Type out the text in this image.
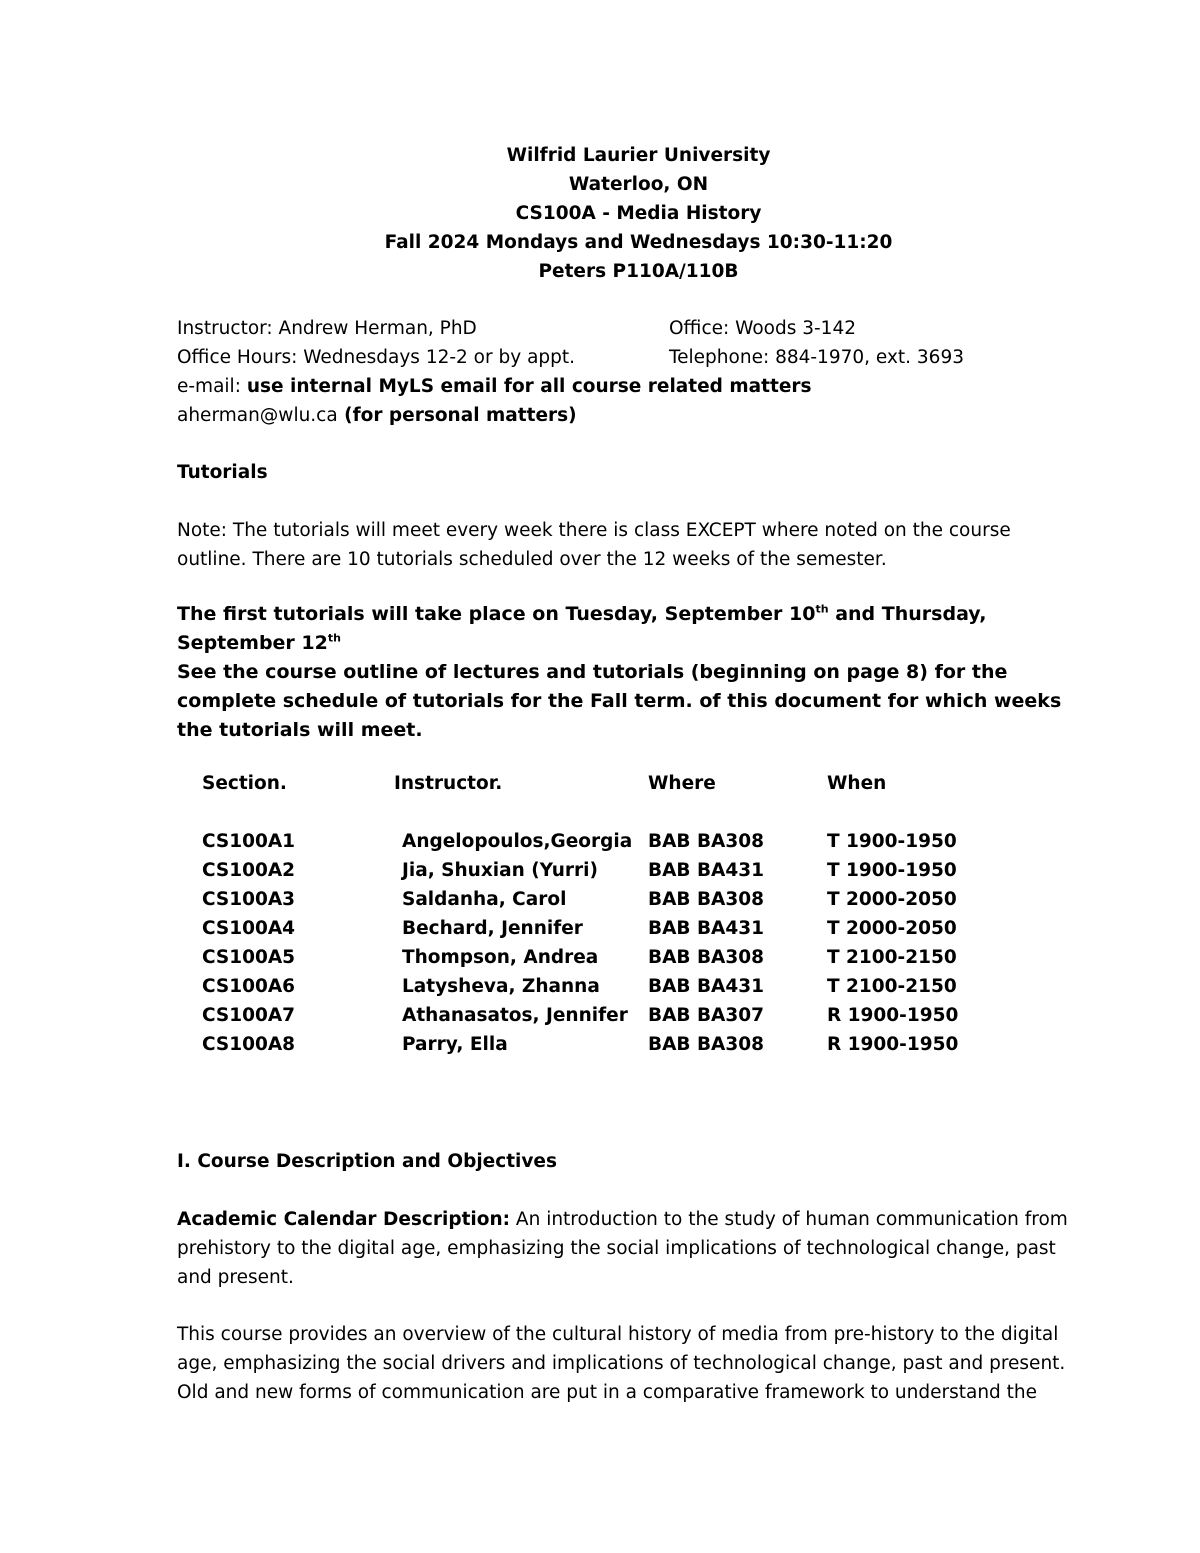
Wilfrid Laurier University
Waterloo, ON
CS100A - Media History
Fall 2024 Mondays and Wednesdays 10:30-11:20
Peters P110A/110B
Instructor: Andrew Herman, PhD	Office: Woods 3-142
Office Hours: Wednesdays 12-2 or by appt.	Telephone: 884-1970, ext. 3693
e-mail: use internal MyLS email for all course related matters
aherman@wlu.ca (for personal matters)
Tutorials
Note: The tutorials will meet every week there is class EXCEPT where noted on the course outline. There are 10 tutorials scheduled over the 12 weeks of the semester.
The first tutorials will take place on Tuesday, September 10th and Thursday, September 12th
See the course outline of lectures and tutorials (beginning on page 8) for the complete schedule of tutorials for the Fall term. of this document for which weeks the tutorials will meet.
Section.	Instructor.	Where	When
CS100A1	Angelopoulos,Georgia	BAB BA308	T 1900-1950
CS100A2	Jia, Shuxian (Yurri)	BAB BA431	T 1900-1950
CS100A3	Saldanha, Carol	BAB BA308	T 2000-2050
CS100A4	Bechard, Jennifer	BAB BA431	T 2000-2050
CS100A5	Thompson, Andrea	BAB BA308	T 2100-2150
CS100A6	Latysheva, Zhanna	BAB BA431	T 2100-2150
CS100A7	Athanasatos, Jennifer	BAB BA307	R 1900-1950
CS100A8	Parry, Ella	BAB BA308	R 1900-1950
I. Course Description and Objectives
Academic Calendar Description: An introduction to the study of human communication from prehistory to the digital age, emphasizing the social implications of technological change, past and present.
This course provides an overview of the cultural history of media from pre-history to the digital age, emphasizing the social drivers and implications of technological change, past and present. Old and new forms of communication are put in a comparative framework to understand the
